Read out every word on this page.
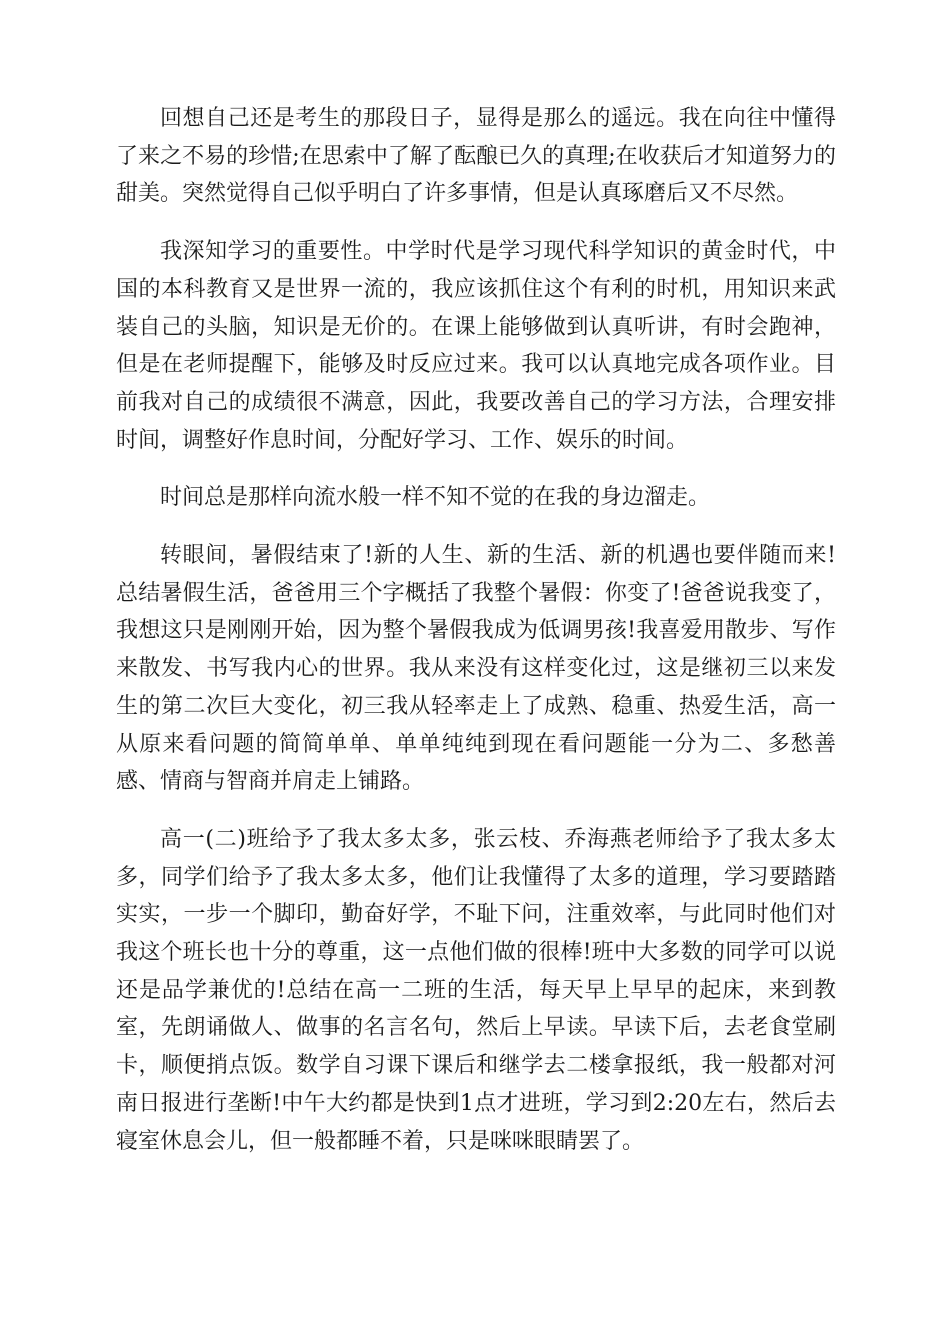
回想自己还是考生的那段日子，显得是那么的遥远。我在向往中懂得了来之不易的珍惜;在思索中了解了酝酿已久的真理;在收获后才知道努力的甜美。突然觉得自己似乎明白了许多事情，但是认真琢磨后又不尽然。

我深知学习的重要性。中学时代是学习现代科学知识的黄金时代，中国的本科教育又是世界一流的，我应该抓住这个有利的时机，用知识来武装自己的头脑，知识是无价的。在课上能够做到认真听讲，有时会跑神，但是在老师提醒下，能够及时反应过来。我可以认真地完成各项作业。目前我对自己的成绩很不满意，因此，我要改善自己的学习方法，合理安排时间，调整好作息时间，分配好学习、工作、娱乐的时间。

时间总是那样向流水般一样不知不觉的在我的身边溜走。

转眼间，暑假结束了!新的人生、新的生活、新的机遇也要伴随而来!总结暑假生活，爸爸用三个字概括了我整个暑假：你变了!爸爸说我变了，我想这只是刚刚开始，因为整个暑假我成为低调男孩!我喜爱用散步、写作来散发、书写我内心的世界。我从来没有这样变化过，这是继初三以来发生的第二次巨大变化，初三我从轻率走上了成熟、稳重、热爱生活，高一从原来看问题的简简单单、单单纯纯到现在看问题能一分为二、多愁善感、情商与智商并肩走上铺路。

高一(二)班给予了我太多太多，张云枝、乔海燕老师给予了我太多太多，同学们给予了我太多太多，他们让我懂得了太多的道理，学习要踏踏实实，一步一个脚印，勤奋好学，不耻下问，注重效率，与此同时他们对我这个班长也十分的尊重，这一点他们做的很棒!班中大多数的同学可以说还是品学兼优的!总结在高一二班的生活，每天早上早早的起床，来到教室，先朗诵做人、做事的名言名句，然后上早读。早读下后，去老食堂刷卡，顺便捎点饭。数学自习课下课后和继学去二楼拿报纸，我一般都对河南日报进行垄断!中午大约都是快到1点才进班，学习到2:20左右，然后去寝室休息会儿，但一般都睡不着，只是咪咪眼睛罢了。
